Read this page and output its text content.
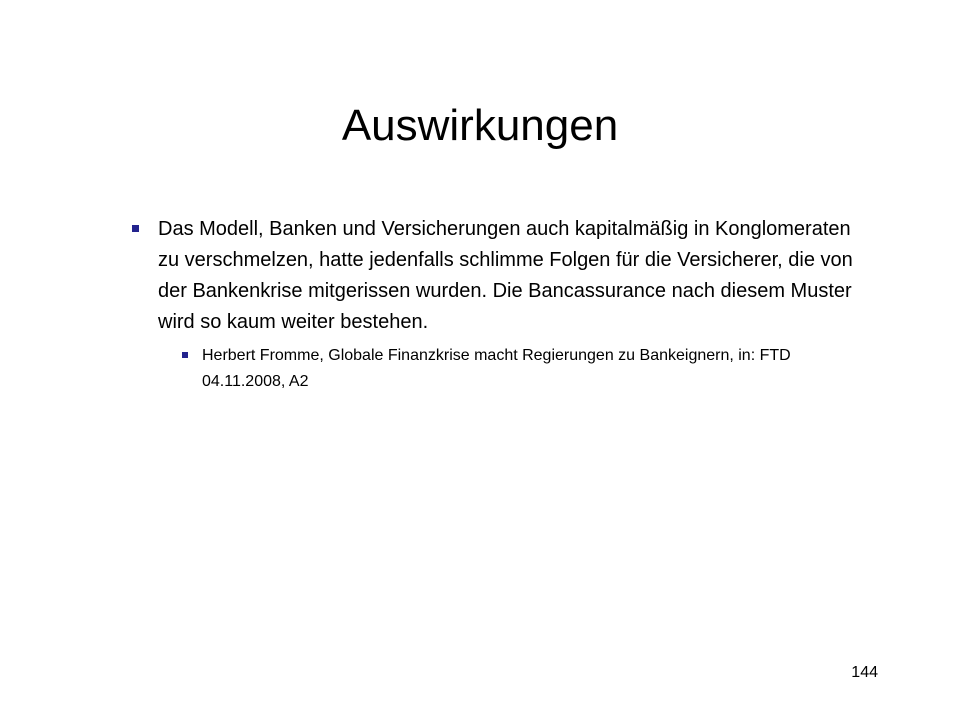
Auswirkungen
Das Modell, Banken und Versicherungen auch kapitalmäßig in Konglomeraten zu verschmelzen, hatte jedenfalls schlimme Folgen für die Versicherer, die von der Bankenkrise mitgerissen wurden. Die Bancassurance nach diesem Muster wird so kaum weiter bestehen.
Herbert Fromme, Globale Finanzkrise macht Regierungen zu Bankeignern, in: FTD 04.11.2008, A2
144
